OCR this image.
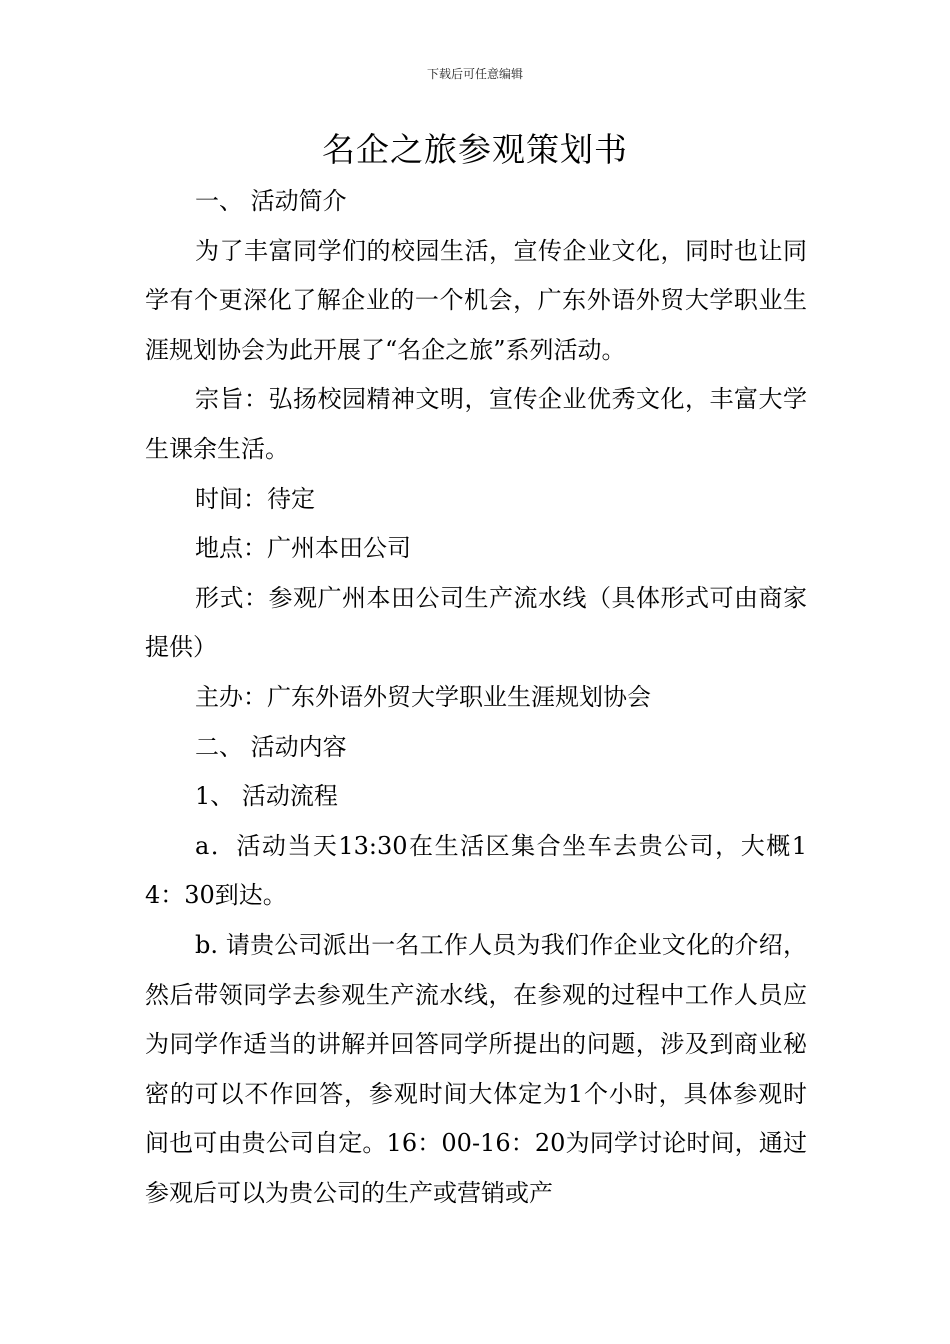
下载后可任意编辑
名企之旅参观策划书

一、 活动简介

为了丰富同学们的校园生活，宣传企业文化，同时也让同学有个更深化了解企业的一个机会，广东外语外贸大学职业生涯规划协会为此开展了“名企之旅”系列活动。

宗旨：弘扬校园精神文明，宣传企业优秀文化，丰富大学生课余生活。

时间：待定

地点：广州本田公司

形式：参观广州本田公司生产流水线（具体形式可由商家提供）

主办：广东外语外贸大学职业生涯规划协会

二、 活动内容

1、 活动流程

a．活动当天13:30在生活区集合坐车去贵公司，大概14：30到达。

b. 请贵公司派出一名工作人员为我们作企业文化的介绍，然后带领同学去参观生产流水线，在参观的过程中工作人员应为同学作适当的讲解并回答同学所提出的问题，涉及到商业秘密的可以不作回答，参观时间大体定为1个小时，具体参观时间也可由贵公司自定。16：00-16：20为同学讨论时间，通过参观后可以为贵公司的生产或营销或产
